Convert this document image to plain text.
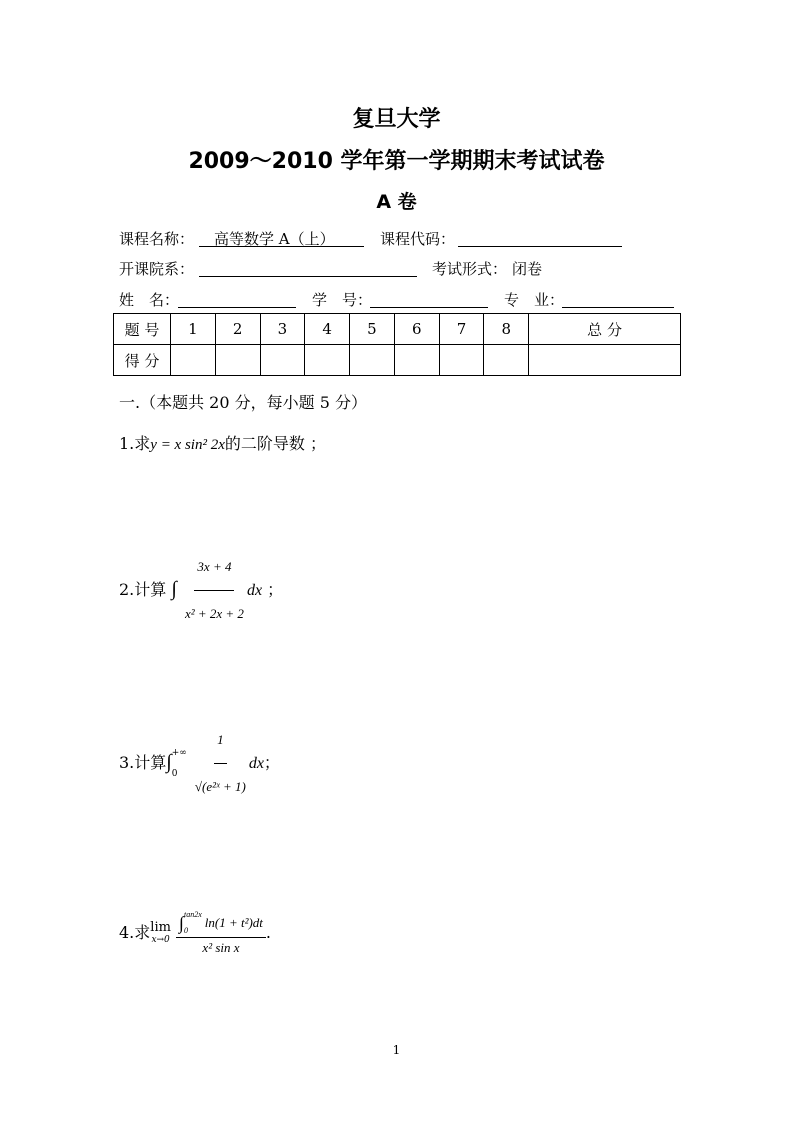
复旦大学
2009～2010 学年第一学期期末考试试卷
A 卷
课程名称： 高等数学 A（上）	课程代码：
开课院系：	考试形式： 闭卷
姓　名：	学　号：	专　业：
题 号	1	2	3	4	5	6	7	8	总 分
得 分									
一.（本题共 20 分，每小题 5 分）
1.求y = x sin² 2x的二阶导数 ；
2.计算 ∫ $\frac{3x + 4}{\text{x² + 2x + 2}}$ dx ；
3.计算∫ +∞
0
	$\frac{1}{\text{√(e²ˣ + 1)}}$ dx；
4.求 lim
x→0
∫ tan2x
0
ln(1 + t²)dt
x² sin x .
1
